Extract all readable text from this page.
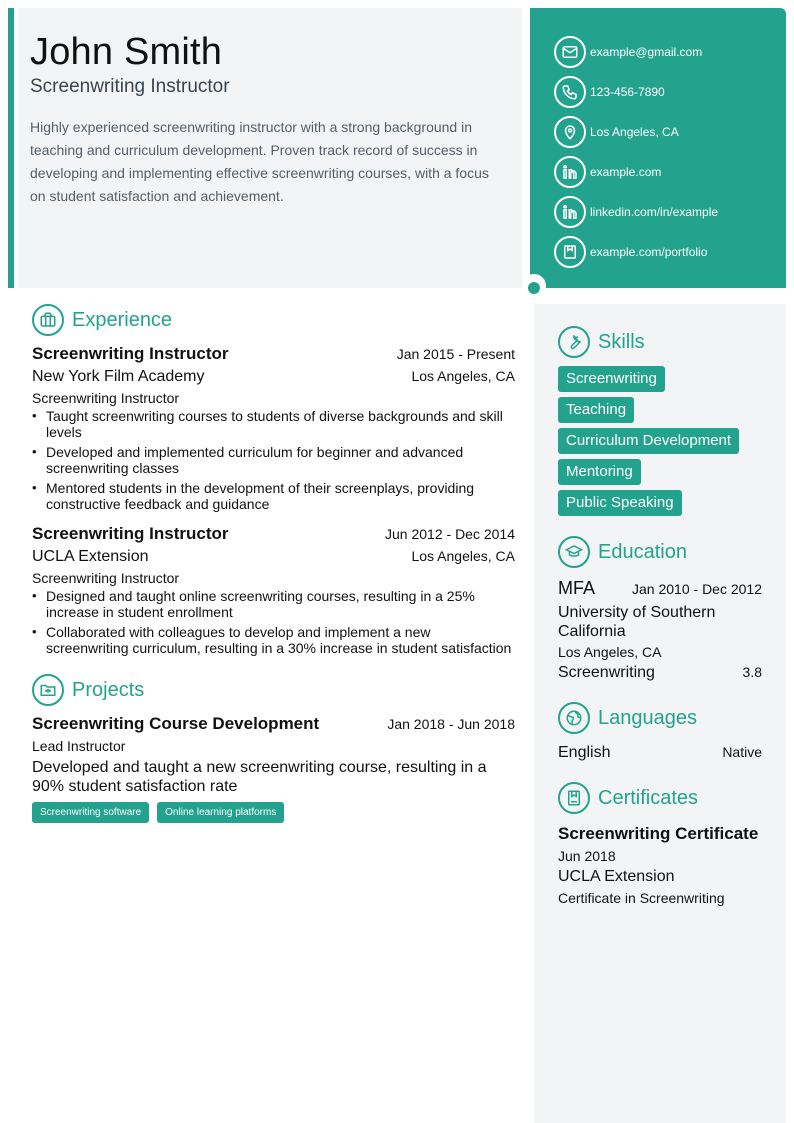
John Smith
Screenwriting Instructor

Highly experienced screenwriting instructor with a strong background in teaching and curriculum development. Proven track record of success in developing and implementing effective screenwriting courses, with a focus on student satisfaction and achievement.

example@gmail.com
123-456-7890
Los Angeles, CA
example.com
linkedin.com/in/example
example.com/portfolio
Experience
Screenwriting Instructor	Jan 2015 - Present
New York Film Academy	Los Angeles, CA
Screenwriting Instructor
• Taught screenwriting courses to students of diverse backgrounds and skill levels
• Developed and implemented curriculum for beginner and advanced screenwriting classes
• Mentored students in the development of their screenplays, providing constructive feedback and guidance
Screenwriting Instructor	Jun 2012 - Dec 2014
UCLA Extension	Los Angeles, CA
Screenwriting Instructor
• Designed and taught online screenwriting courses, resulting in a 25% increase in student enrollment
• Collaborated with colleagues to develop and implement a new screenwriting curriculum, resulting in a 30% increase in student satisfaction
Projects
Screenwriting Course Development	Jan 2018 - Jun 2018
Lead Instructor

Developed and taught a new screenwriting course, resulting in a 90% student satisfaction rate

Screenwriting software	Online learning platforms
Skills
Screenwriting
Teaching
Curriculum Development
Mentoring
Public Speaking
Education
MFA	Jan 2010 - Dec 2012
University of Southern California
Los Angeles, CA
Screenwriting	3.8
Languages
English	Native
Certificates
Screenwriting Certificate
Jun 2018
UCLA Extension
Certificate in Screenwriting
